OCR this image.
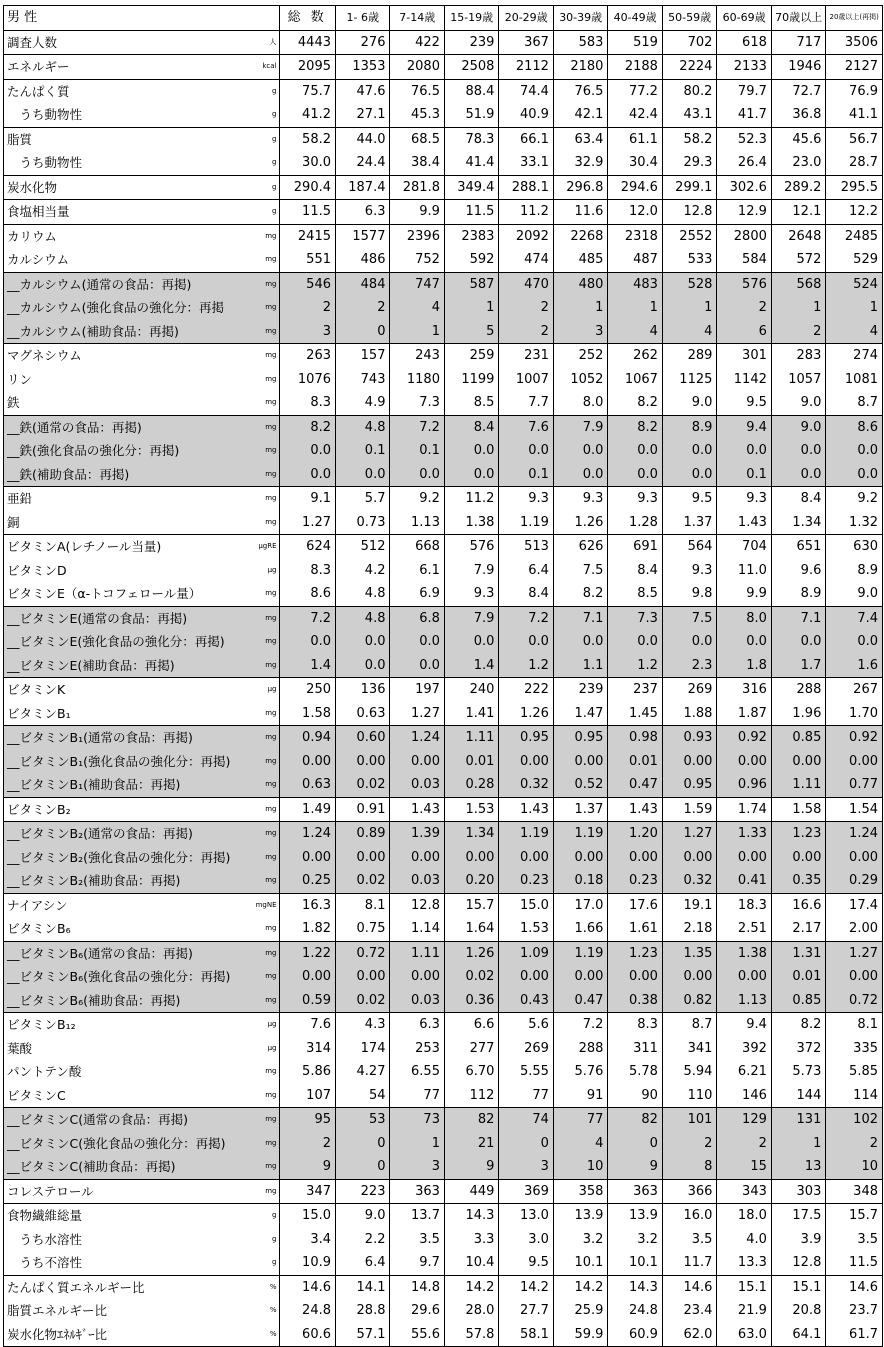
男 性	総 数	1- 6歳	7-14歳	15-19歳	20-29歳	30-39歳	40-49歳	50-59歳	60-69歳	70歳以上	20歳以上(再掲)
調査人数 人	4443	276	422	239	367	583	519	702	618	717	3506
エネルギー kcal	2095	1353	2080	2508	2112	2180	2188	2224	2133	1946	2127
たんぱく質 g	75.7	47.6	76.5	88.4	74.4	76.5	77.2	80.2	79.7	72.7	76.9
　うち動物性 g	41.2	27.1	45.3	51.9	40.9	42.1	42.4	43.1	41.7	36.8	41.1
脂質 g	58.2	44.0	68.5	78.3	66.1	63.4	61.1	58.2	52.3	45.6	56.7
　うち動物性 g	30.0	24.4	38.4	41.4	33.1	32.9	30.4	29.3	26.4	23.0	28.7
炭水化物 g	290.4	187.4	281.8	349.4	288.1	296.8	294.6	299.1	302.6	289.2	295.5
食塩相当量 g	11.5	6.3	9.9	11.5	11.2	11.6	12.0	12.8	12.9	12.1	12.2
カリウム mg	2415	1577	2396	2383	2092	2268	2318	2552	2800	2648	2485
カルシウム mg	551	486	752	592	474	485	487	533	584	572	529
__カルシウム(通常の食品：再掲) mg	546	484	747	587	470	480	483	528	576	568	524
__カルシウム(強化食品の強化分：再掲 mg	2	2	4	1	2	1	1	1	2	1	1
__カルシウム(補助食品：再掲) mg	3	0	1	5	2	3	4	4	6	2	4
マグネシウム mg	263	157	243	259	231	252	262	289	301	283	274
リン mg	1076	743	1180	1199	1007	1052	1067	1125	1142	1057	1081
鉄 mg	8.3	4.9	7.3	8.5	7.7	8.0	8.2	9.0	9.5	9.0	8.7
__鉄(通常の食品：再掲) mg	8.2	4.8	7.2	8.4	7.6	7.9	8.2	8.9	9.4	9.0	8.6
__鉄(強化食品の強化分：再掲) mg	0.0	0.1	0.1	0.0	0.0	0.0	0.0	0.0	0.0	0.0	0.0
__鉄(補助食品：再掲) mg	0.0	0.0	0.0	0.0	0.1	0.0	0.0	0.0	0.1	0.0	0.0
亜鉛 mg	9.1	5.7	9.2	11.2	9.3	9.3	9.3	9.5	9.3	8.4	9.2
銅 mg	1.27	0.73	1.13	1.38	1.19	1.26	1.28	1.37	1.43	1.34	1.32
ビタミンA(レチノール当量) μgRE	624	512	668	576	513	626	691	564	704	651	630
ビタミンD μg	8.3	4.2	6.1	7.9	6.4	7.5	8.4	9.3	11.0	9.6	8.9
ビタミンE（α-トコフェロール量） mg	8.6	4.8	6.9	9.3	8.4	8.2	8.5	9.8	9.9	8.9	9.0
__ビタミンE(通常の食品：再掲) mg	7.2	4.8	6.8	7.9	7.2	7.1	7.3	7.5	8.0	7.1	7.4
__ビタミンE(強化食品の強化分：再掲) mg	0.0	0.0	0.0	0.0	0.0	0.0	0.0	0.0	0.0	0.0	0.0
__ビタミンE(補助食品：再掲) mg	1.4	0.0	0.0	1.4	1.2	1.1	1.2	2.3	1.8	1.7	1.6
ビタミンK μg	250	136	197	240	222	239	237	269	316	288	267
ビタミンB₁ mg	1.58	0.63	1.27	1.41	1.26	1.47	1.45	1.88	1.87	1.96	1.70
__ビタミンB₁(通常の食品：再掲) mg	0.94	0.60	1.24	1.11	0.95	0.95	0.98	0.93	0.92	0.85	0.92
__ビタミンB₁(強化食品の強化分：再掲) mg	0.00	0.00	0.00	0.01	0.00	0.00	0.01	0.00	0.00	0.00	0.00
__ビタミンB₁(補助食品：再掲) mg	0.63	0.02	0.03	0.28	0.32	0.52	0.47	0.95	0.96	1.11	0.77
ビタミンB₂ mg	1.49	0.91	1.43	1.53	1.43	1.37	1.43	1.59	1.74	1.58	1.54
__ビタミンB₂(通常の食品：再掲) mg	1.24	0.89	1.39	1.34	1.19	1.19	1.20	1.27	1.33	1.23	1.24
__ビタミンB₂(強化食品の強化分：再掲) mg	0.00	0.00	0.00	0.00	0.00	0.00	0.00	0.00	0.00	0.00	0.00
__ビタミンB₂(補助食品：再掲) mg	0.25	0.02	0.03	0.20	0.23	0.18	0.23	0.32	0.41	0.35	0.29
ナイアシン mgNE	16.3	8.1	12.8	15.7	15.0	17.0	17.6	19.1	18.3	16.6	17.4
ビタミンB₆ mg	1.82	0.75	1.14	1.64	1.53	1.66	1.61	2.18	2.51	2.17	2.00
__ビタミンB₆(通常の食品：再掲) mg	1.22	0.72	1.11	1.26	1.09	1.19	1.23	1.35	1.38	1.31	1.27
__ビタミンB₆(強化食品の強化分：再掲) mg	0.00	0.00	0.00	0.02	0.00	0.00	0.00	0.00	0.00	0.01	0.00
__ビタミンB₆(補助食品：再掲) mg	0.59	0.02	0.03	0.36	0.43	0.47	0.38	0.82	1.13	0.85	0.72
ビタミンB₁₂ μg	7.6	4.3	6.3	6.6	5.6	7.2	8.3	8.7	9.4	8.2	8.1
葉酸 μg	314	174	253	277	269	288	311	341	392	372	335
パントテン酸 mg	5.86	4.27	6.55	6.70	5.55	5.76	5.78	5.94	6.21	5.73	5.85
ビタミンC mg	107	54	77	112	77	91	90	110	146	144	114
__ビタミンC(通常の食品：再掲) mg	95	53	73	82	74	77	82	101	129	131	102
__ビタミンC(強化食品の強化分：再掲) mg	2	0	1	21	0	4	0	2	2	1	2
__ビタミンC(補助食品：再掲) mg	9	0	3	9	3	10	9	8	15	13	10
コレステロール mg	347	223	363	449	369	358	363	366	343	303	348
食物繊維総量 g	15.0	9.0	13.7	14.3	13.0	13.9	13.9	16.0	18.0	17.5	15.7
　うち水溶性 g	3.4	2.2	3.5	3.3	3.0	3.2	3.2	3.5	4.0	3.9	3.5
　うち不溶性 g	10.9	6.4	9.7	10.4	9.5	10.1	10.1	11.7	13.3	12.8	11.5
たんぱく質エネルギー比 %	14.6	14.1	14.8	14.2	14.2	14.2	14.3	14.6	15.1	15.1	14.6
脂質エネルギー比 %	24.8	28.8	29.6	28.0	27.7	25.9	24.8	23.4	21.9	20.8	23.7
炭水化物ｴﾈﾙｷﾞｰ比 %	60.6	57.1	55.6	57.8	58.1	59.9	60.9	62.0	63.0	64.1	61.7
